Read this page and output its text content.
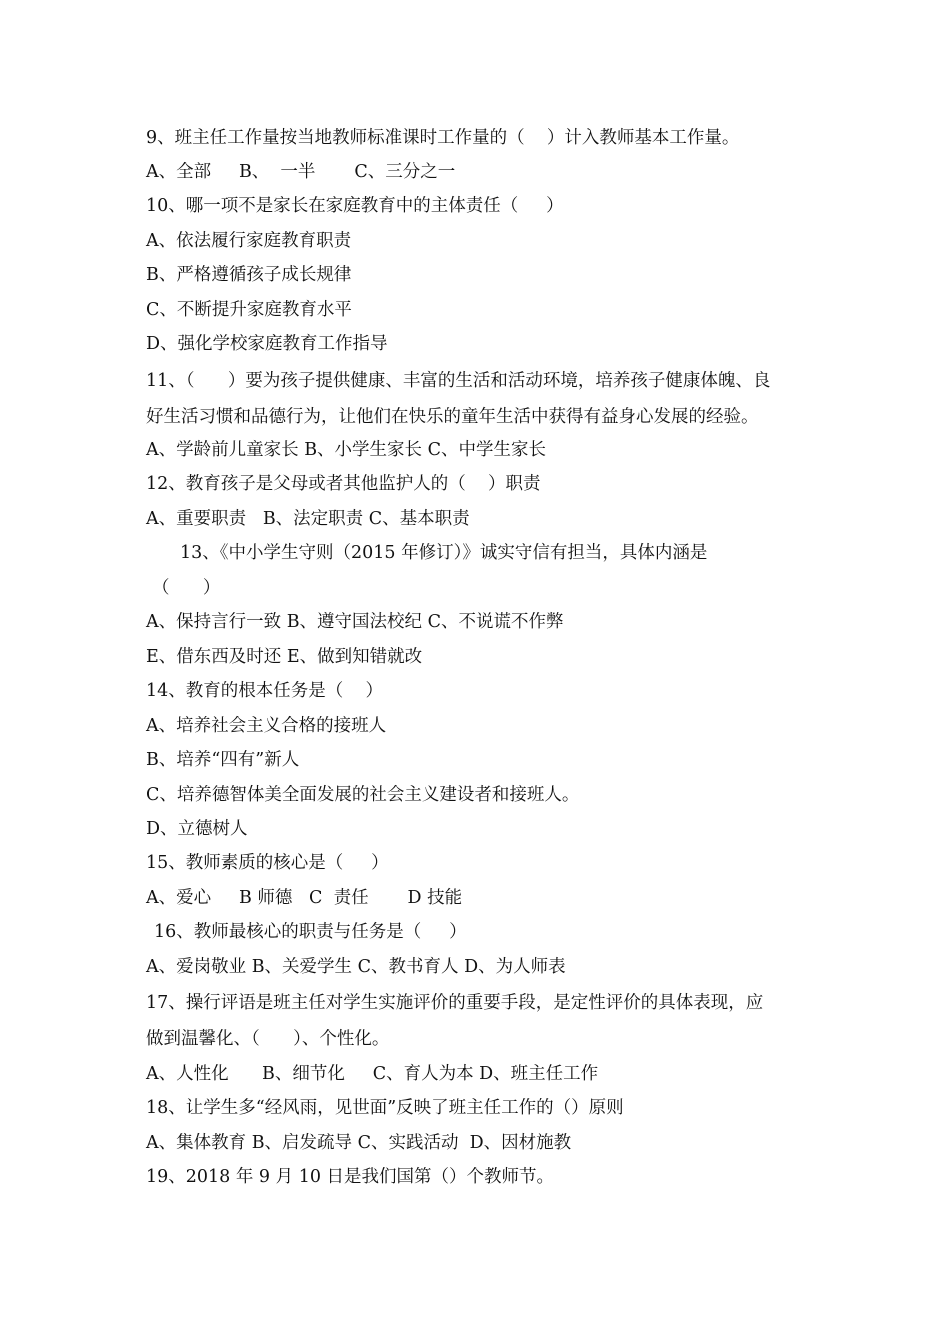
9、班主任工作量按当地教师标准课时工作量的（    ）计入教师基本工作量。
A、全部     B、  一半       C、三分之一
10、哪一项不是家长在家庭教育中的主体责任（     ）
A、依法履行家庭教育职责
B、严格遵循孩子成长规律
C、不断提升家庭教育水平
D、强化学校家庭教育工作指导
11、（      ）要为孩子提供健康、丰富的生活和活动环境，培养孩子健康体魄、良
好生活习惯和品德行为，让他们在快乐的童年生活中获得有益身心发展的经验。
A、学龄前儿童家长 B、小学生家长 C、中学生家长
12、教育孩子是父母或者其他监护人的（    ）职责
A、重要职责   B、法定职责 C、基本职责
13、《中小学生守则（2015 年修订）》诚实守信有担当，具体内涵是
（      ）
A、保持言行一致 B、遵守国法校纪 C、不说谎不作弊
E、借东西及时还 E、做到知错就改
14、教育的根本任务是（    ）
A、培养社会主义合格的接班人
B、培养“四有”新人
C、培养德智体美全面发展的社会主义建设者和接班人。
D、立德树人
15、教师素质的核心是（     ）
A、爱心     B 师德   C  责任       D 技能
16、教师最核心的职责与任务是（     ）
A、爱岗敬业 B、关爱学生 C、教书育人 D、为人师表
17、操行评语是班主任对学生实施评价的重要手段，是定性评价的具体表现，应
做到温馨化、（      ）、个性化。
A、人性化      B、细节化     C、育人为本 D、班主任工作
18、让学生多“经风雨，见世面”反映了班主任工作的（）原则
A、集体教育 B、启发疏导 C、实践活动  D、因材施教
19、2018 年 9 月 10 日是我们国第（）个教师节。
